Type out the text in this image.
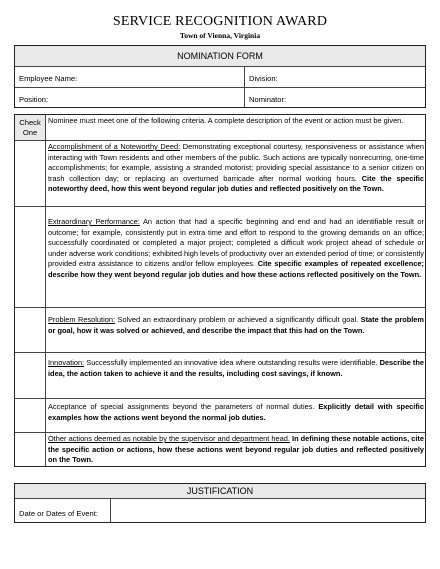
SERVICE RECOGNITION AWARD
Town of Vienna, Virginia
NOMINATION FORM
Employee Name:	Division:
Position:	Nominator:
Check One
Nominee must meet one of the following criteria. A complete description of the event or action must be given.
Accomplishment of a Noteworthy Deed: Demonstrating exceptional courtesy, responsiveness or assistance when interacting with Town residents and other members of the public. Such actions are typically nonrecurring, one-time accomplishments; for example, assisting a stranded motorist; providing special assistance to a senior citizen on trash collection day; or replacing an overturned barricade after normal working hours. Cite the specific noteworthy deed, how this went beyond regular job duties and reflected positively on the Town.
Extraordinary Performance: An action that had a specific beginning and end and had an identifiable result or outcome; for example, consistently put in extra time and effort to respond to the growing demands on an office; successfully coordinated or completed a major project; completed a difficult work project ahead of schedule or under adverse work conditions; exhibited high levels of productivity over an extended period of time; or consistently provided extra assistance to citizens and/or fellow employees. Cite specific examples of repeated excellence; describe how they went beyond regular job duties and how these actions reflected positively on the Town.
Problem Resolution: Solved an extraordinary problem or achieved a significantly difficult goal. State the problem or goal, how it was solved or achieved, and describe the impact that this had on the Town.
Innovation: Successfully implemented an innovative idea where outstanding results were identifiable. Describe the idea, the action taken to achieve it and the results, including cost savings, if known.
Acceptance of special assignments beyond the parameters of normal duties. Explicitly detail with specific examples how the actions went beyond the normal job duties.
Other actions deemed as notable by the supervisor and department head. In defining these notable actions, cite the specific action or actions, how these actions went beyond regular job duties and reflected positively on the Town.
JUSTIFICATION
Date or Dates of Event:
